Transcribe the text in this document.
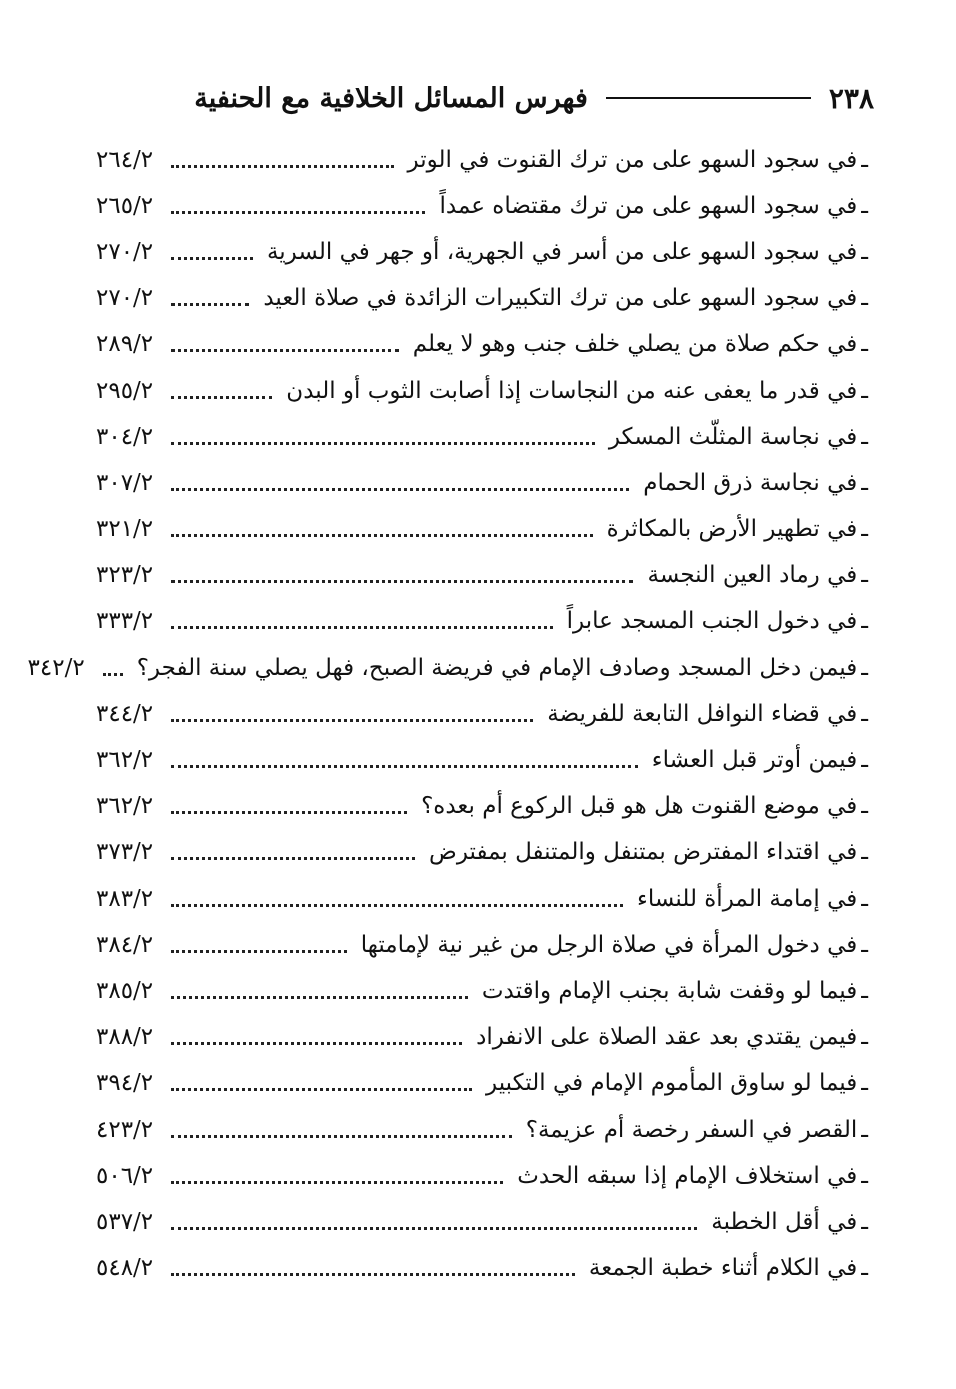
٢٣٨
فهرس المسائل الخلافية مع الحنفية
ـ
في سجود السهو على من ترك القنوت في الوتر
٢٦٤/٢
ـ
في سجود السهو على من ترك مقتضاه عمداً
٢٦٥/٢
ـ
في سجود السهو على من أسر في الجهرية، أو جهر في السرية
٢٧٠/٢
ـ
في سجود السهو على من ترك التكبيرات الزائدة في صلاة العيد
٢٧٠/٢
ـ
في حكم صلاة من يصلي خلف جنب وهو لا يعلم
٢٨٩/٢
ـ
في قدر ما يعفى عنه من النجاسات إذا أصابت الثوب أو البدن
٢٩٥/٢
ـ
في نجاسة المثلّث المسكر
٣٠٤/٢
ـ
في نجاسة ذرق الحمام
٣٠٧/٢
ـ
في تطهير الأرض بالمكاثرة
٣٢١/٢
ـ
في رماد العين النجسة
٣٢٣/٢
ـ
في دخول الجنب المسجد عابراً
٣٣٣/٢
ـ
فيمن دخل المسجد وصادف الإمام في فريضة الصبح، فهل يصلي سنة الفجر؟
٣٤٢/٢
ـ
في قضاء النوافل التابعة للفريضة
٣٤٤/٢
ـ
فيمن أوتر قبل العشاء
٣٦٢/٢
ـ
في موضع القنوت هل هو قبل الركوع أم بعده؟
٣٦٢/٢
ـ
في اقتداء المفترض بمتنفل والمتنفل بمفترض
٣٧٣/٢
ـ
في إمامة المرأة للنساء
٣٨٣/٢
ـ
في دخول المرأة في صلاة الرجل من غير نية لإمامتها
٣٨٤/٢
ـ
فيما لو وقفت شابة بجنب الإمام واقتدت
٣٨٥/٢
ـ
فيمن يقتدي بعد عقد الصلاة على الانفراد
٣٨٨/٢
ـ
فيما لو ساوق المأموم الإمام في التكبير
٣٩٤/٢
ـ
القصر في السفر رخصة أم عزيمة؟
٤٢٣/٢
ـ
في استخلاف الإمام إذا سبقه الحدث
٥٠٦/٢
ـ
في أقل الخطبة
٥٣٧/٢
ـ
في الكلام أثناء خطبة الجمعة
٥٤٨/٢
